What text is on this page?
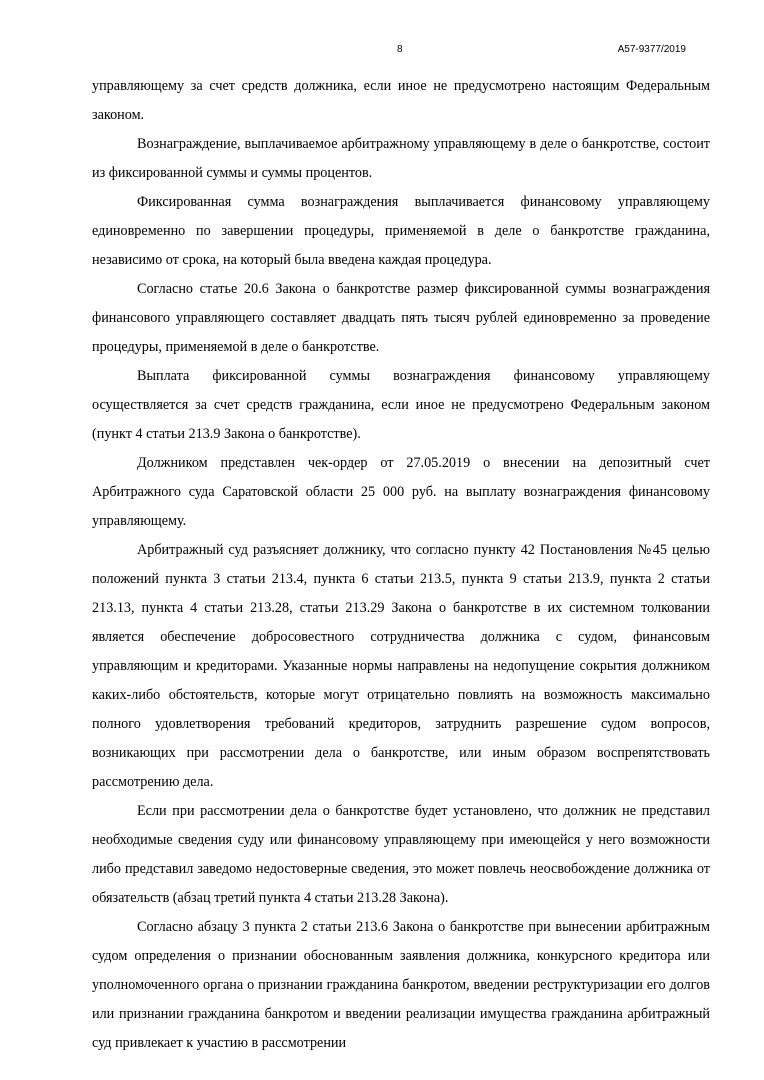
8	А57-9377/2019

управляющему за счет средств должника, если иное не предусмотрено настоящим Федеральным законом.

Вознаграждение, выплачиваемое арбитражному управляющему в деле о банкротстве, состоит из фиксированной суммы и суммы процентов.

Фиксированная сумма вознаграждения выплачивается финансовому управляющему единовременно по завершении процедуры, применяемой в деле о банкротстве гражданина, независимо от срока, на который была введена каждая процедура.

Согласно статье 20.6 Закона о банкротстве размер фиксированной суммы вознаграждения финансового управляющего составляет двадцать пять тысяч рублей единовременно за проведение процедуры, применяемой в деле о банкротстве.

Выплата фиксированной суммы вознаграждения финансовому управляющему осуществляется за счет средств гражданина, если иное не предусмотрено Федеральным законом (пункт 4 статьи 213.9 Закона о банкротстве).

Должником представлен чек-ордер от 27.05.2019 о внесении на депозитный счет Арбитражного суда Саратовской области 25 000 руб. на выплату вознаграждения финансовому управляющему.

Арбитражный суд разъясняет должнику, что согласно пункту 42 Постановления №45 целью положений пункта 3 статьи 213.4, пункта 6 статьи 213.5, пункта 9 статьи 213.9, пункта 2 статьи 213.13, пункта 4 статьи 213.28, статьи 213.29 Закона о банкротстве в их системном толковании является обеспечение добросовестного сотрудничества должника с судом, финансовым управляющим и кредиторами. Указанные нормы направлены на недопущение сокрытия должником каких-либо обстоятельств, которые могут отрицательно повлиять на возможность максимально полного удовлетворения требований кредиторов, затруднить разрешение судом вопросов, возникающих при рассмотрении дела о банкротстве, или иным образом воспрепятствовать рассмотрению дела.

Если при рассмотрении дела о банкротстве будет установлено, что должник не представил необходимые сведения суду или финансовому управляющему при имеющейся у него возможности либо представил заведомо недостоверные сведения, это может повлечь неосвобождение должника от обязательств (абзац третий пункта 4 статьи 213.28 Закона).

Согласно абзацу 3 пункта 2 статьи 213.6 Закона о банкротстве при вынесении арбитражным судом определения о признании обоснованным заявления должника, конкурсного кредитора или уполномоченного органа о признании гражданина банкротом, введении реструктуризации его долгов или признании гражданина банкротом и введении реализации имущества гражданина арбитражный суд привлекает к участию в рассмотрении
